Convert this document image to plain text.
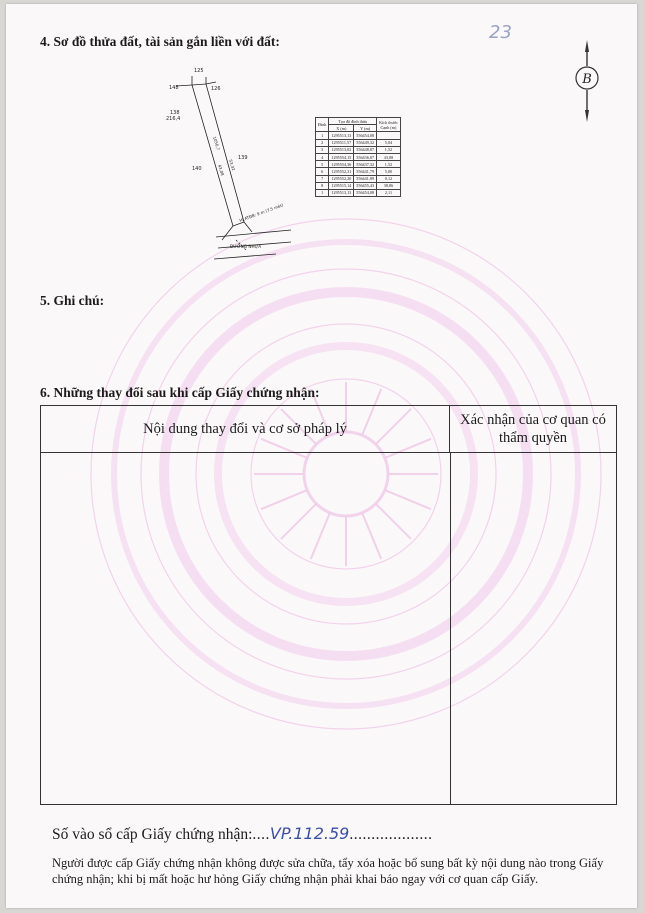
4. Sơ đồ thửa đất, tài sản gắn liền với đất:	23
B
125
148	126
138
216,4
139
140
ĐƯỜNG NHỰA
HLATĐB: 9 m (7.5 mét)
1050,7
53,32
43,08
Đỉnh	Tọa độ đỉnh thửa		Kích thước
Cạnh (m)
	X (m)	Y (m)	
1	1295513,13	556454,08	
2	1295511,57	556449,32	5,04
3	1295513,02	556448,87	1,52
4	1295554,15	556436,07	43,08
5	1295554,36	556437,32	1,52
6	1295552,31	556441,79	5,00
7	1295552,20	556441,89	0,12
8	1295515,14	556455,43	38,86
1	1295513,13	556454,08	2,11
5. Ghi chú:
6. Những thay đổi sau khi cấp Giấy chứng nhận:
Nội dung thay đổi và cơ sở pháp lý
Xác nhận của cơ quan có thẩm quyền
Số vào sổ cấp Giấy chứng nhận:....VP.112.59...................
Người được cấp Giấy chứng nhận không được sửa chữa, tẩy xóa hoặc bổ sung bất kỳ nội dung nào trong Giấy chứng nhận; khi bị mất hoặc hư hỏng Giấy chứng nhận phải khai báo ngay với cơ quan cấp Giấy.
